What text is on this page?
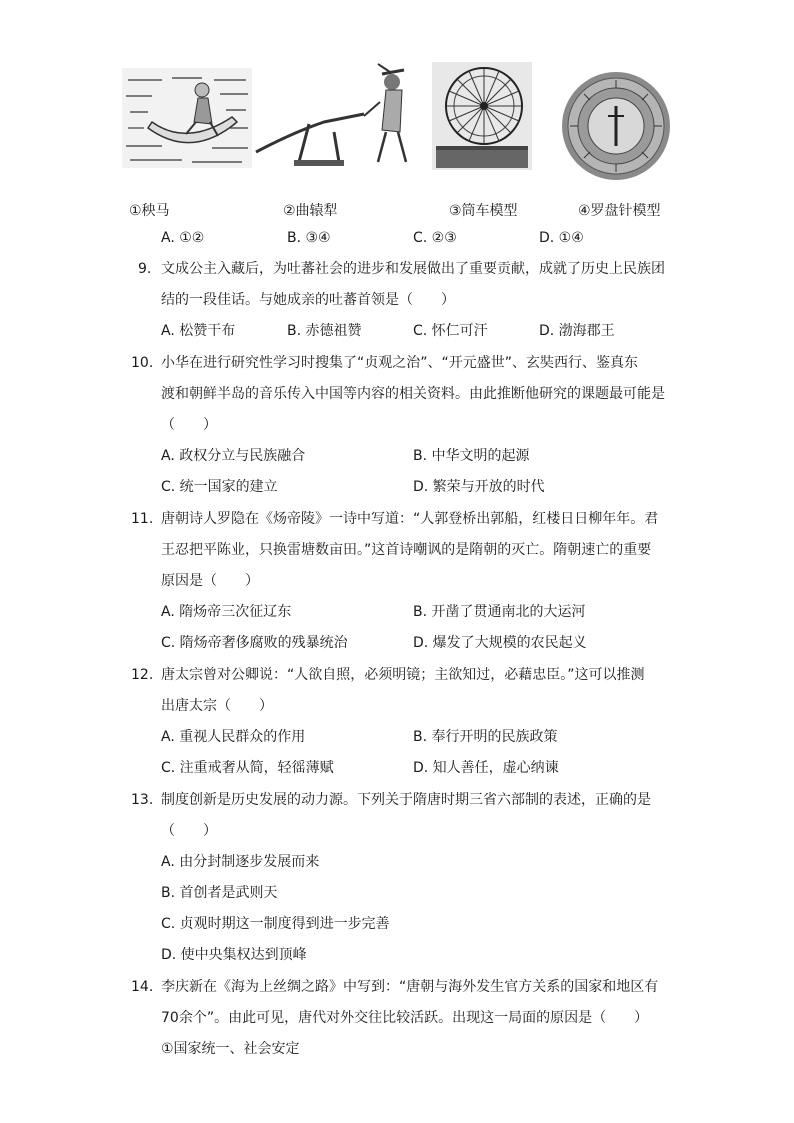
①秧马	②曲辕犁	③筒车模型	④罗盘针模型
A. ①②	B. ③④	C. ②③	D. ①④
9. 文成公主入藏后，为吐蕃社会的进步和发展做出了重要贡献，成就了历史上民族团
结的一段佳话。与她成亲的吐蕃首领是（　　）
A. 松赞干布	B. 赤德祖赞	C. 怀仁可汗	D. 渤海郡王
10. 小华在进行研究性学习时搜集了“贞观之治”、“开元盛世”、玄奘西行、鉴真东
渡和朝鲜半岛的音乐传入中国等内容的相关资料。由此推断他研究的课题最可能是
（　　）
A. 政权分立与民族融合	B. 中华文明的起源
C. 统一国家的建立	D. 繁荣与开放的时代
11. 唐朝诗人罗隐在《炀帝陵》一诗中写道：“人郭登桥出郭船，红楼日日柳年年。君
王忍把平陈业，只换雷塘数亩田。”这首诗嘲讽的是隋朝的灭亡。隋朝速亡的重要
原因是（　　）
A. 隋炀帝三次征辽东	B. 开凿了贯通南北的大运河
C. 隋炀帝奢侈腐败的残暴统治	D. 爆发了大规模的农民起义
12. 唐太宗曾对公卿说：“人欲自照，必须明镜；主欲知过，必藉忠臣。”这可以推测
出唐太宗（　　）
A. 重视人民群众的作用	B. 奉行开明的民族政策
C. 注重戒奢从简，轻徭薄赋	D. 知人善任，虚心纳谏
13. 制度创新是历史发展的动力源。下列关于隋唐时期三省六部制的表述，正确的是
（　　）
A. 由分封制逐步发展而来
B. 首创者是武则天
C. 贞观时期这一制度得到进一步完善
D. 使中央集权达到顶峰
14. 李庆新在《海为上丝绸之路》中写到：“唐朝与海外发生官方关系的国家和地区有
70余个”。由此可见，唐代对外交往比较活跃。出现这一局面的原因是（　　）
①国家统一、社会安定
